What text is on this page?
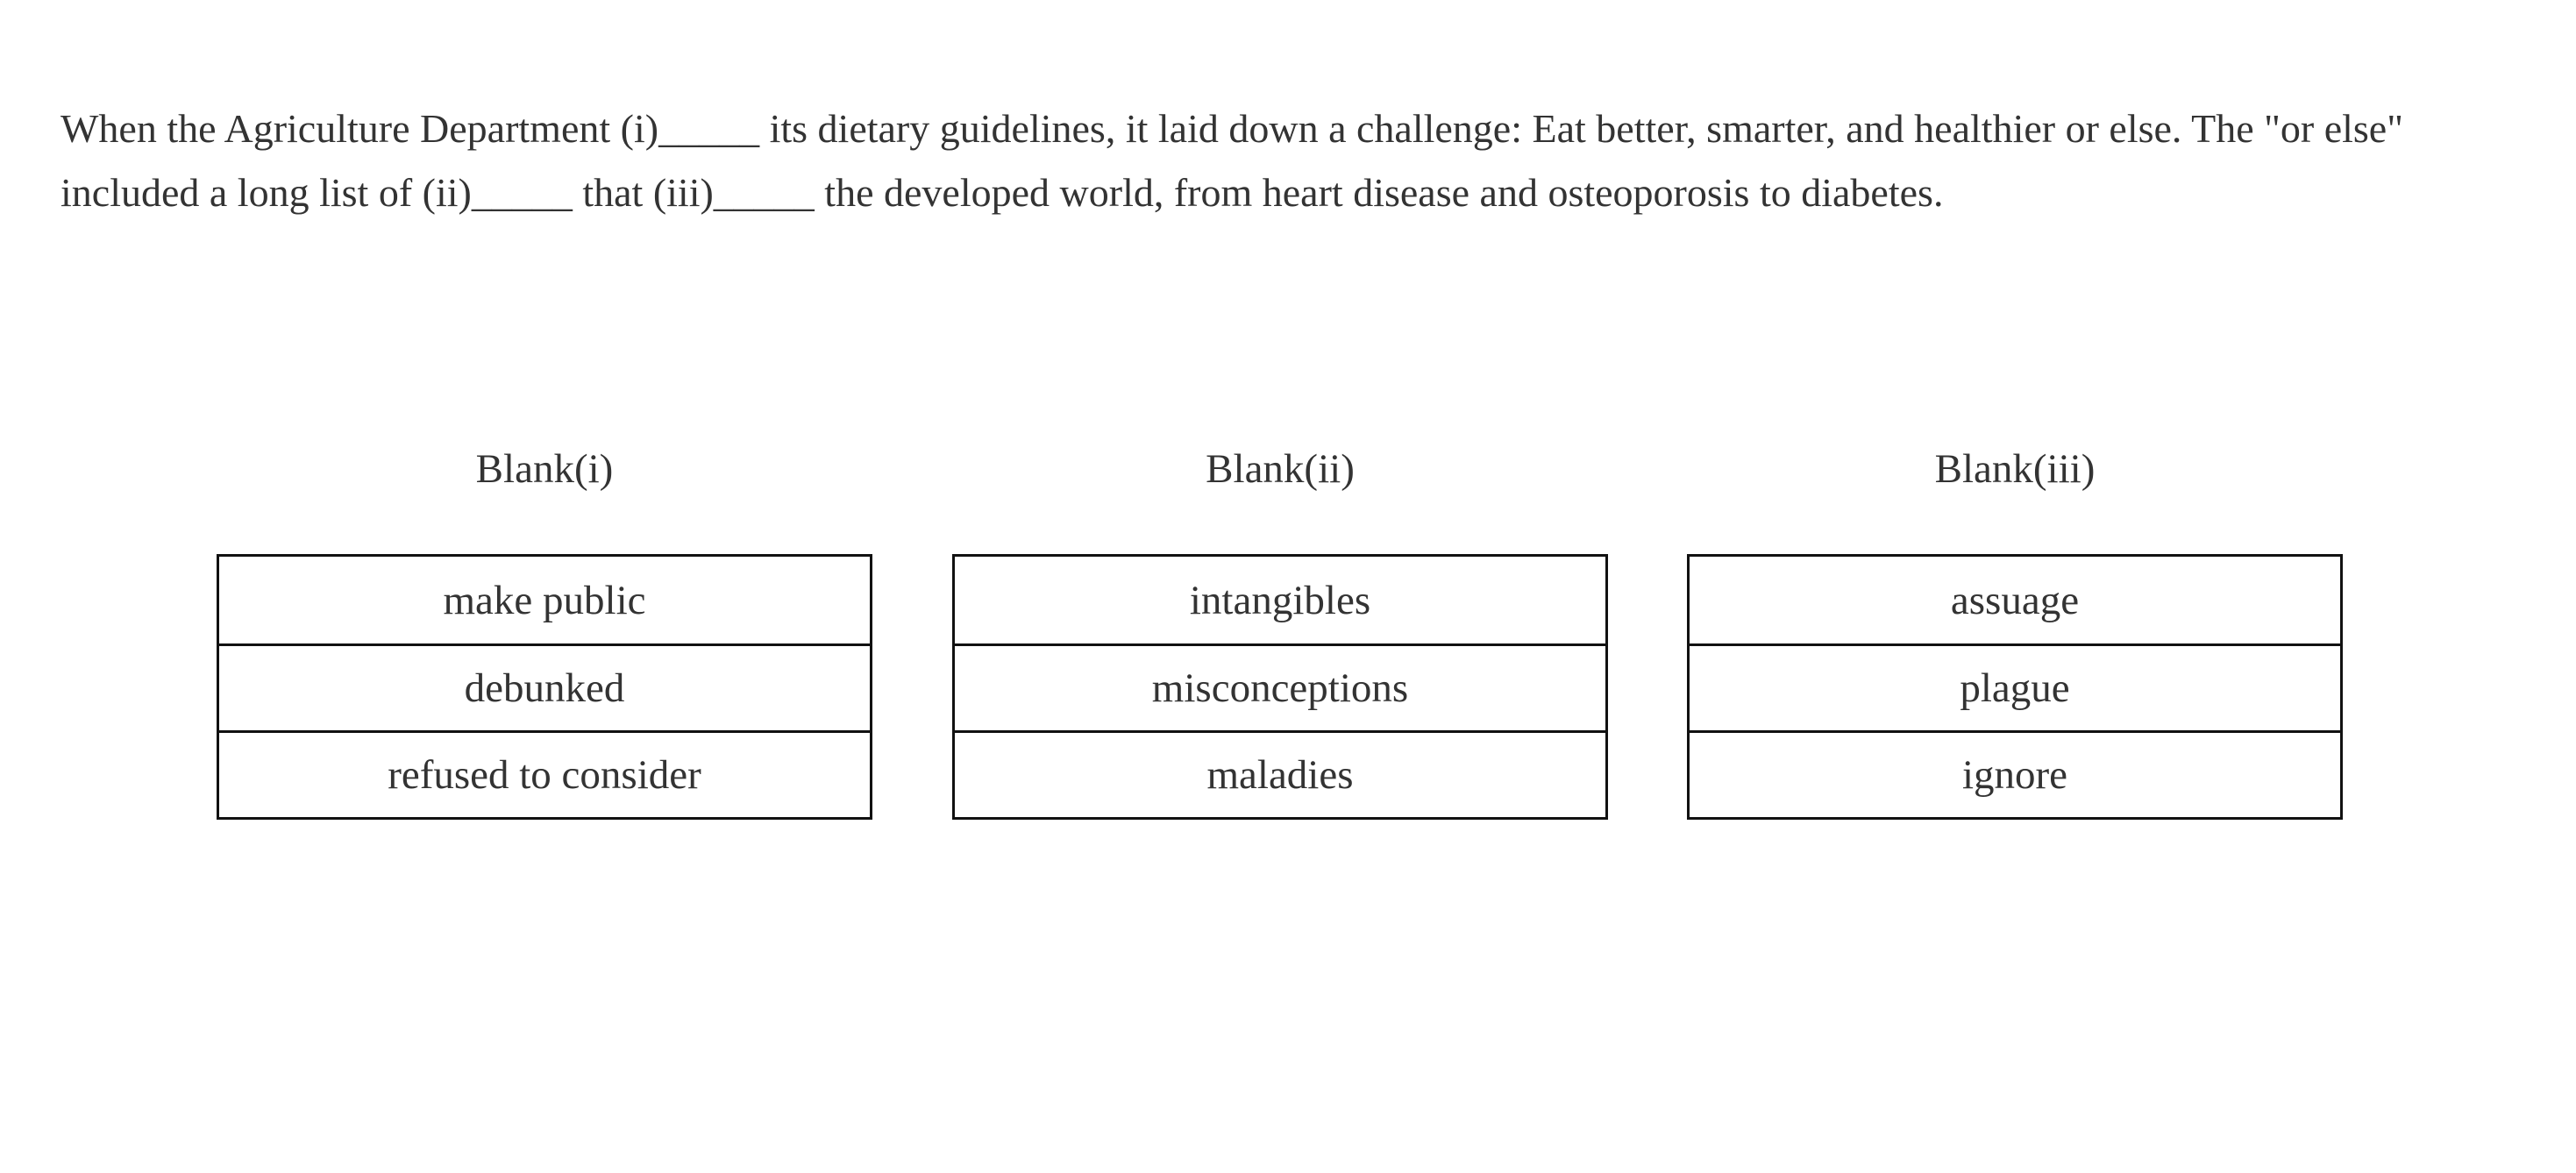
When the Agriculture Department (i)_____ its dietary guidelines, it laid down a challenge: Eat better, smarter, and healthier or else. The "or else" included a long list of (ii)_____ that (iii)_____ the developed world, from heart disease and osteoporosis to diabetes.

Blank(i)
make public
debunked
refused to consider
Blank(ii)
intangibles
misconceptions
maladies
Blank(iii)
assuage
plague
ignore
